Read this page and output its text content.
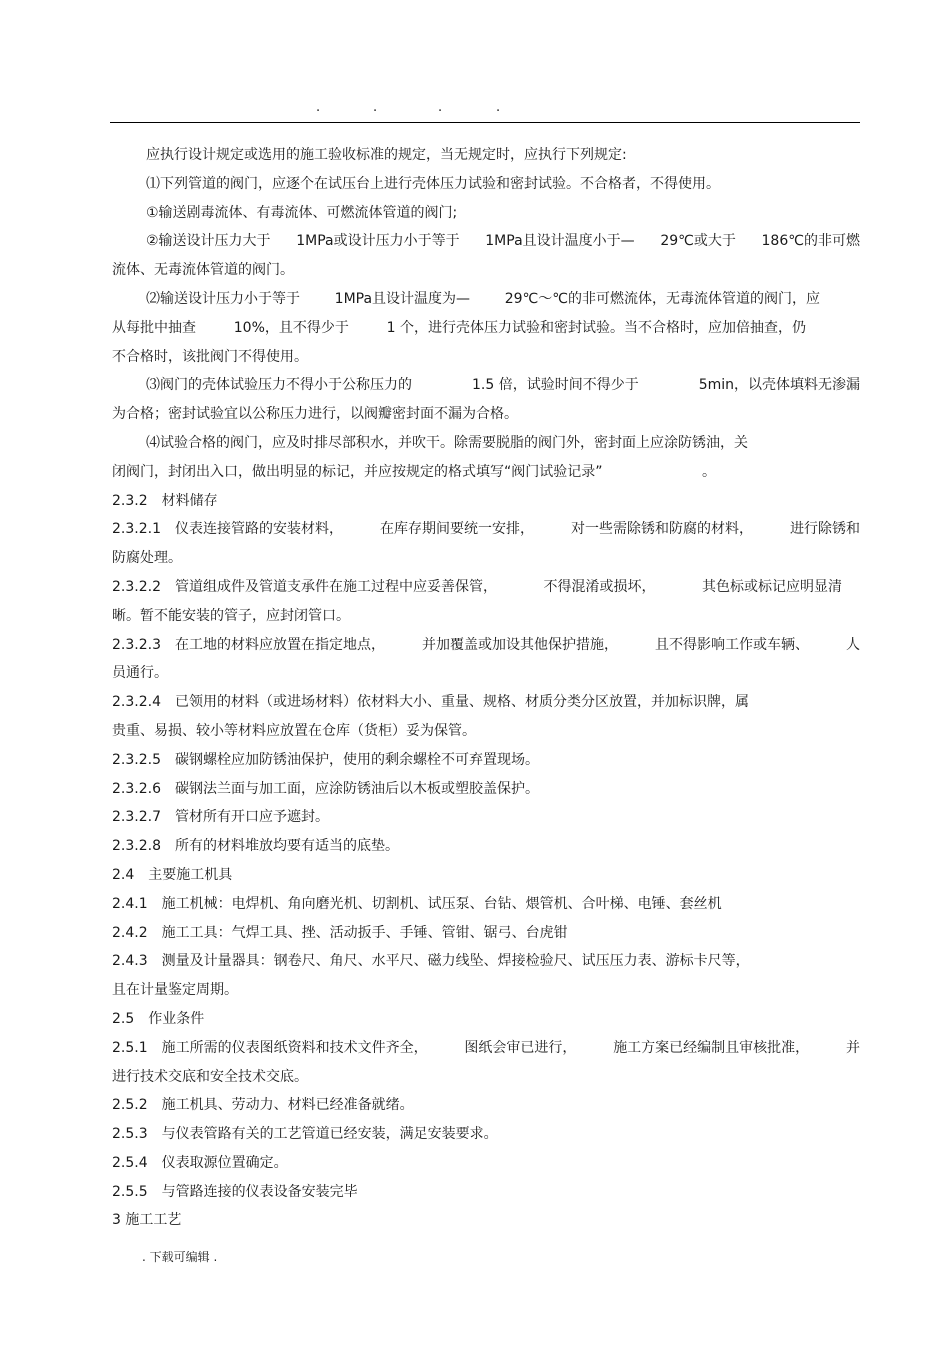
.	.	.	.
应执行设计规定或选用的施工验收标准的规定，当无规定时，应执行下列规定:
⑴下列管道的阀门，应逐个在试压台上进行壳体压力试验和密封试验。不合格者，不得使用。
①输送剧毒流体、有毒流体、可燃流体管道的阀门;
②输送设计压力大于 1MPa或设计压力小于等于 1MPa且设计温度小于— 29℃或大于 186℃的非可燃
流体、无毒流体管道的阀门。
⑵输送设计压力小于等于 1MPa且设计温度为— 29℃～℃的非可燃流体，无毒流体管道的阀门，应
从每批中抽查	10%，且不得少于	1 个，进行壳体压力试验和密封试验。当不合格时，应加倍抽查，仍
不合格时，该批阀门不得使用。
⑶阀门的壳体试验压力不得小于公称压力的	1.5 倍，试验时间不得少于	5min，以壳体填料无渗漏
为合格；密封试验宜以公称压力进行，以阀瓣密封面不漏为合格。
⑷试验合格的阀门，应及时排尽部积水，并吹干。除需要脱脂的阀门外，密封面上应涂防锈油，关
闭阀门，封闭出入口，做出明显的标记，并应按规定的格式填写“阀门试验记录”	。
2.3.2　材料储存
2.3.2.1　仪表连接管路的安装材料，	在库存期间要统一安排，	对一些需除锈和防腐的材料，	进行除锈和
防腐处理。
2.3.2.2　管道组成件及管道支承件在施工过程中应妥善保管，	不得混淆或损坏，	其色标或标记应明显清
晰。暂不能安装的管子，应封闭管口。
2.3.2.3　在工地的材料应放置在指定地点，	并加覆盖或加设其他保护措施，	且不得影响工作或车辆、	人
员通行。
2.3.2.4　已领用的材料（或进场材料）依材料大小、重量、规格、材质分类分区放置，并加标识牌，属
贵重、易损、较小等材料应放置在仓库（货柜）妥为保管。
2.3.2.5　碳钢螺栓应加防锈油保护，使用的剩余螺栓不可弃置现场。
2.3.2.6　碳钢法兰面与加工面，应涂防锈油后以木板或塑胶盖保护。
2.3.2.7　管材所有开口应予遮封。
2.3.2.8　所有的材料堆放均要有适当的底垫。
2.4　主要施工机具
2.4.1　施工机械：电焊机、角向磨光机、切割机、试压泵、台钻、煨管机、合叶梯、电锤、套丝机
2.4.2　施工工具：气焊工具、挫、活动扳手、手锤、管钳、锯弓、台虎钳
2.4.3　测量及计量器具：钢卷尺、角尺、水平尺、磁力线坠、焊接检验尺、试压压力表、游标卡尺等，
且在计量鉴定周期。
2.5　作业条件
2.5.1　施工所需的仪表图纸资料和技术文件齐全，	图纸会审已进行，	施工方案已经编制且审核批准，	并
进行技术交底和安全技术交底。
2.5.2　施工机具、劳动力、材料已经准备就绪。
2.5.3　与仪表管路有关的工艺管道已经安装，满足安装要求。
2.5.4　仪表取源位置确定。
2.5.5　与管路连接的仪表设备安装完毕
3 施工工艺
. 下载可编辑 .
